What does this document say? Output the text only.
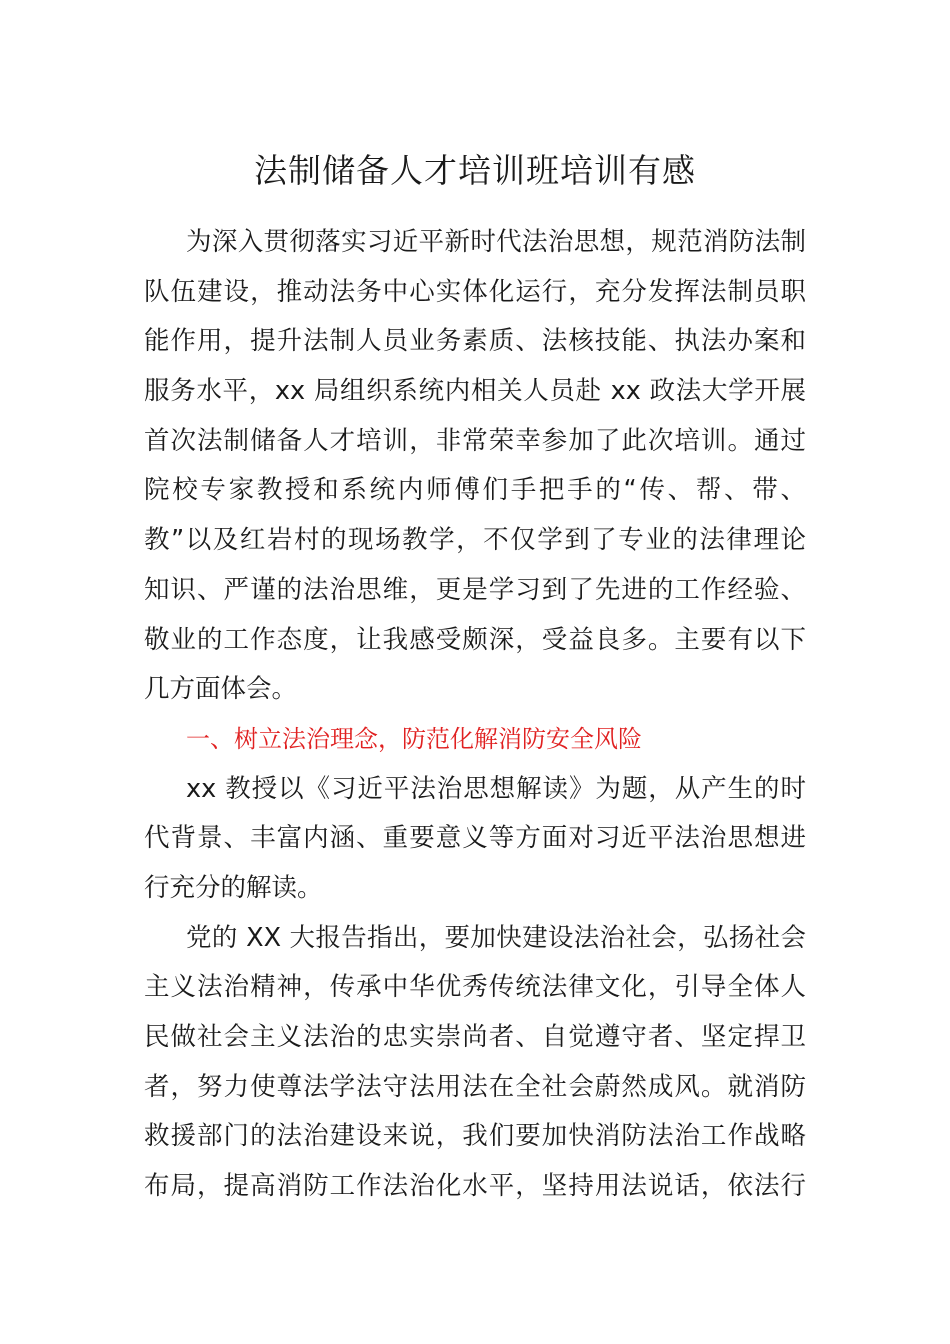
法制储备人才培训班培训有感
为深入贯彻落实习近平新时代法治思想，规范消防法制
队伍建设，推动法务中心实体化运行，充分发挥法制员职
能作用，提升法制人员业务素质、法核技能、执法办案和
服务水平，xx 局组织系统内相关人员赴 xx 政法大学开展
首次法制储备人才培训，非常荣幸参加了此次培训。通过
院校专家教授和系统内师傅们手把手的“传、帮、带、
教”以及红岩村的现场教学，不仅学到了专业的法律理论
知识、严谨的法治思维，更是学习到了先进的工作经验、
敬业的工作态度，让我感受颇深，受益良多。主要有以下
几方面体会。
一、树立法治理念，防范化解消防安全风险
xx 教授以《习近平法治思想解读》为题，从产生的时
代背景、丰富内涵、重要意义等方面对习近平法治思想进
行充分的解读。
党的 XX 大报告指出，要加快建设法治社会，弘扬社会
主义法治精神，传承中华优秀传统法律文化，引导全体人
民做社会主义法治的忠实崇尚者、自觉遵守者、坚定捍卫
者，努力使尊法学法守法用法在全社会蔚然成风。就消防
救援部门的法治建设来说，我们要加快消防法治工作战略
布局，提高消防工作法治化水平，坚持用法说话，依法行
